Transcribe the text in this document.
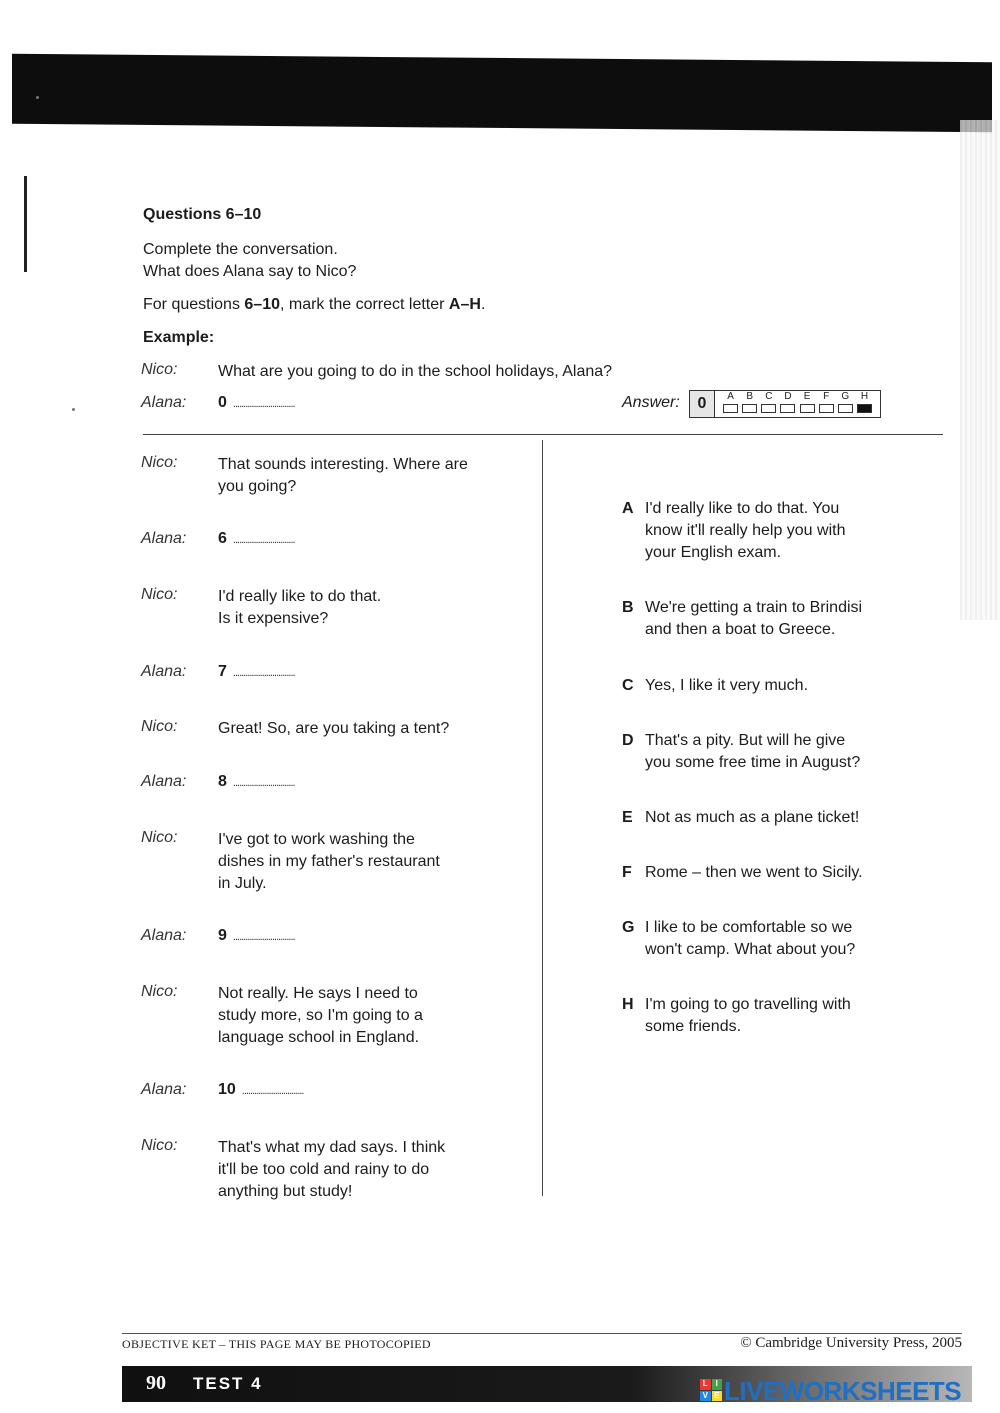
Questions 6–10
Complete the conversation.
What does Alana say to Nico?
For questions 6–10, mark the correct letter A–H.
Example:
Nico:	What are you going to do in the school holidays, Alana?
Alana: 0 ..............................	Answer:	0	A B C D E F G H
Nico:	That sounds interesting. Where are
you going?
Alana: 6 ..............................
Nico:	I'd really like to do that.
Is it expensive?
Alana: 7 ..............................
Nico:	Great! So, are you taking a tent?
Alana: 8 ..............................
Nico:	I've got to work washing the
dishes in my father's restaurant
in July.
Alana: 9 ..............................
Nico:	Not really. He says I need to
study more, so I'm going to a
language school in England.
Alana: 10 ..............................
Nico:	That's what my dad says. I think
it'll be too cold and rainy to do
anything but study!
A I'd really like to do that. You
know it'll really help you with
your English exam.
B We're getting a train to Brindisi
and then a boat to Greece.
C Yes, I like it very much.
D That's a pity. But will he give
you some free time in August?
E Not as much as a plane ticket!
F Rome – then we went to Sicily.
G I like to be comfortable so we
won't camp. What about you?
H I'm going to go travelling with
some friends.
OBJECTIVE KET – THIS PAGE MAY BE PHOTOCOPIED	© Cambridge University Press, 2005
90 TEST 4	L I
V E LIVEWORKSHEETS
